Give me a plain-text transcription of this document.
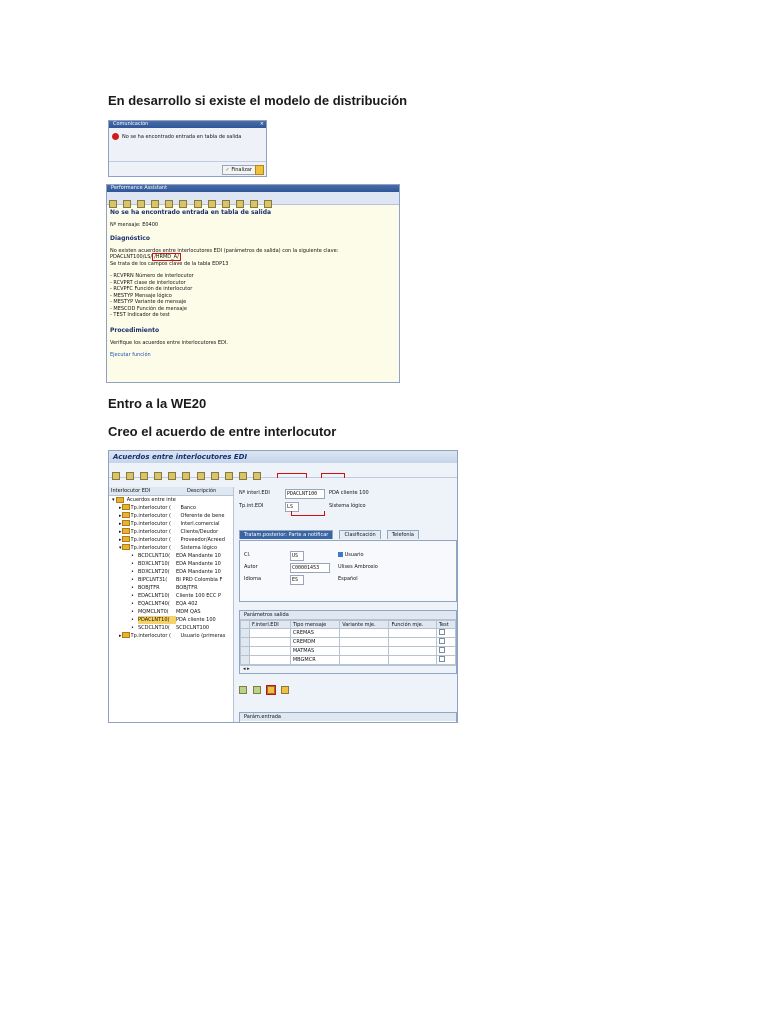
En desarrollo si existe el modelo de distribución
Comunicación	×
No se ha encontrado entrada en tabla de salida
✓ Finalizar
Performance Assistant

No se ha encontrado entrada en tabla de salida
Nº mensaje: E0400
Diagnóstico
No existen acuerdos entre interlocutores EDI (parámetros de salida) con la siguiente clave:
PDACLNT100/LS/ /HRMD_A/
Se trata de los campos clave de la tabla EDP13
- RCVPRN Número de interlocutor
- RCVPRT clase de interlocutor
- RCVPFC Función de interlocutor
- MESTYP Mensaje lógico
- MESTYP Variante de mensaje
- MESCOD Función de mensaje
- TEST Indicador de test
Procedimiento
Verifique los acuerdos entre interlocutores EDI.
Ejecutar función
Entro a la WE20
Creo el acuerdo de entre interlocutor
Acuerdos entre interlocutores EDI

Interlocutor EDI	Descripción
▾ Acuerdos entre inte
▸ Tp.interlocutor (	Banco
▸ Tp.interlocutor (	Oferente de bene
▸ Tp.interlocutor (	Interl.comercial
▸ Tp.interlocutor (	Cliente/Deudor
▸ Tp.interlocutor (	Proveedor/Acreed
▾ Tp.interlocutor (	Sistema lógico
• BCDCLNT10(	EDA Mandante 10
• BDXCLNT10(	EDA Mandante 10
• BDXCLNT20(	EDA Mandante 10
• BIPCLNT31(	BI PRD Colombia F
• BOBJTFR	BOBJTFR
• EDACLNT10(	Cliente 100 ECC P
• EQACLNT40(	EQA 402
• MQMCLNT0(	MDM QAS
• PDACLNT10(	PDA cliente 100
• SCDCLNT10(	SCDCLNT100
▸ Tp.interlocutor (	Usuario (primeras
Nº interl.EDI	PDACLNT100	PDA cliente 100
Tp.int.EDI	LS	Sistema lógico
Tratam.posterior: Parte a notificar	Clasificación	Telefonía
Cl.	US	Usuario
Autor	C00001453	Ulises Ambrosio
Idioma	ES	Español
Parámetros salida
	F.interl.EDI	Tipo mensaje	Variante mje.	Función mje.	Test
		CREMAS			
		CREMDM			
		MATMAS			
		MBGMCR			
◂ ▸

Parám.entrada
